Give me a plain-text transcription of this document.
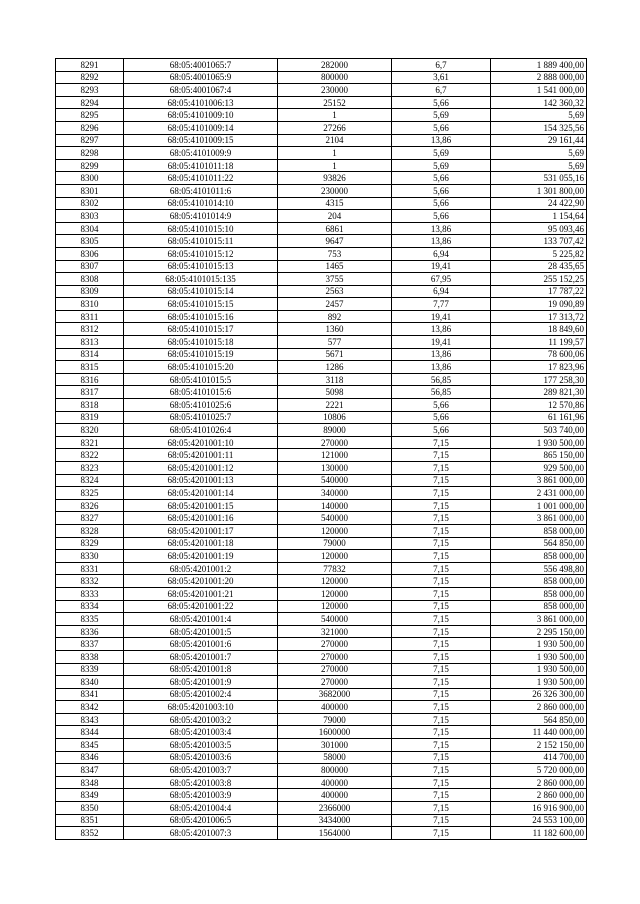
8291	68:05:4001065:7	282000	6,7	1 889 400,00
8292	68:05:4001065:9	800000	3,61	2 888 000,00
8293	68:05:4001067:4	230000	6,7	1 541 000,00
8294	68:05:4101006:13	25152	5,66	142 360,32
8295	68:05:4101009:10	1	5,69	5,69
8296	68:05:4101009:14	27266	5,66	154 325,56
8297	68:05:4101009:15	2104	13,86	29 161,44
8298	68:05:4101009:9	1	5,69	5,69
8299	68:05:4101011:18	1	5,69	5,69
8300	68:05:4101011:22	93826	5,66	531 055,16
8301	68:05:4101011:6	230000	5,66	1 301 800,00
8302	68:05:4101014:10	4315	5,66	24 422,90
8303	68:05:4101014:9	204	5,66	1 154,64
8304	68:05:4101015:10	6861	13,86	95 093,46
8305	68:05:4101015:11	9647	13,86	133 707,42
8306	68:05:4101015:12	753	6,94	5 225,82
8307	68:05:4101015:13	1465	19,41	28 435,65
8308	68:05:4101015:135	3755	67,95	255 152,25
8309	68:05:4101015:14	2563	6,94	17 787,22
8310	68:05:4101015:15	2457	7,77	19 090,89
8311	68:05:4101015:16	892	19,41	17 313,72
8312	68:05:4101015:17	1360	13,86	18 849,60
8313	68:05:4101015:18	577	19,41	11 199,57
8314	68:05:4101015:19	5671	13,86	78 600,06
8315	68:05:4101015:20	1286	13,86	17 823,96
8316	68:05:4101015:5	3118	56,85	177 258,30
8317	68:05:4101015:6	5098	56,85	289 821,30
8318	68:05:4101025:6	2221	5,66	12 570,86
8319	68:05:4101025:7	10806	5,66	61 161,96
8320	68:05:4101026:4	89000	5,66	503 740,00
8321	68:05:4201001:10	270000	7,15	1 930 500,00
8322	68:05:4201001:11	121000	7,15	865 150,00
8323	68:05:4201001:12	130000	7,15	929 500,00
8324	68:05:4201001:13	540000	7,15	3 861 000,00
8325	68:05:4201001:14	340000	7,15	2 431 000,00
8326	68:05:4201001:15	140000	7,15	1 001 000,00
8327	68:05:4201001:16	540000	7,15	3 861 000,00
8328	68:05:4201001:17	120000	7,15	858 000,00
8329	68:05:4201001:18	79000	7,15	564 850,00
8330	68:05:4201001:19	120000	7,15	858 000,00
8331	68:05:4201001:2	77832	7,15	556 498,80
8332	68:05:4201001:20	120000	7,15	858 000,00
8333	68:05:4201001:21	120000	7,15	858 000,00
8334	68:05:4201001:22	120000	7,15	858 000,00
8335	68:05:4201001:4	540000	7,15	3 861 000,00
8336	68:05:4201001:5	321000	7,15	2 295 150,00
8337	68:05:4201001:6	270000	7,15	1 930 500,00
8338	68:05:4201001:7	270000	7,15	1 930 500,00
8339	68:05:4201001:8	270000	7,15	1 930 500,00
8340	68:05:4201001:9	270000	7,15	1 930 500,00
8341	68:05:4201002:4	3682000	7,15	26 326 300,00
8342	68:05:4201003:10	400000	7,15	2 860 000,00
8343	68:05:4201003:2	79000	7,15	564 850,00
8344	68:05:4201003:4	1600000	7,15	11 440 000,00
8345	68:05:4201003:5	301000	7,15	2 152 150,00
8346	68:05:4201003:6	58000	7,15	414 700,00
8347	68:05:4201003:7	800000	7,15	5 720 000,00
8348	68:05:4201003:8	400000	7,15	2 860 000,00
8349	68:05:4201003:9	400000	7,15	2 860 000,00
8350	68:05:4201004:4	2366000	7,15	16 916 900,00
8351	68:05:4201006:5	3434000	7,15	24 553 100,00
8352	68:05:4201007:3	1564000	7,15	11 182 600,00
